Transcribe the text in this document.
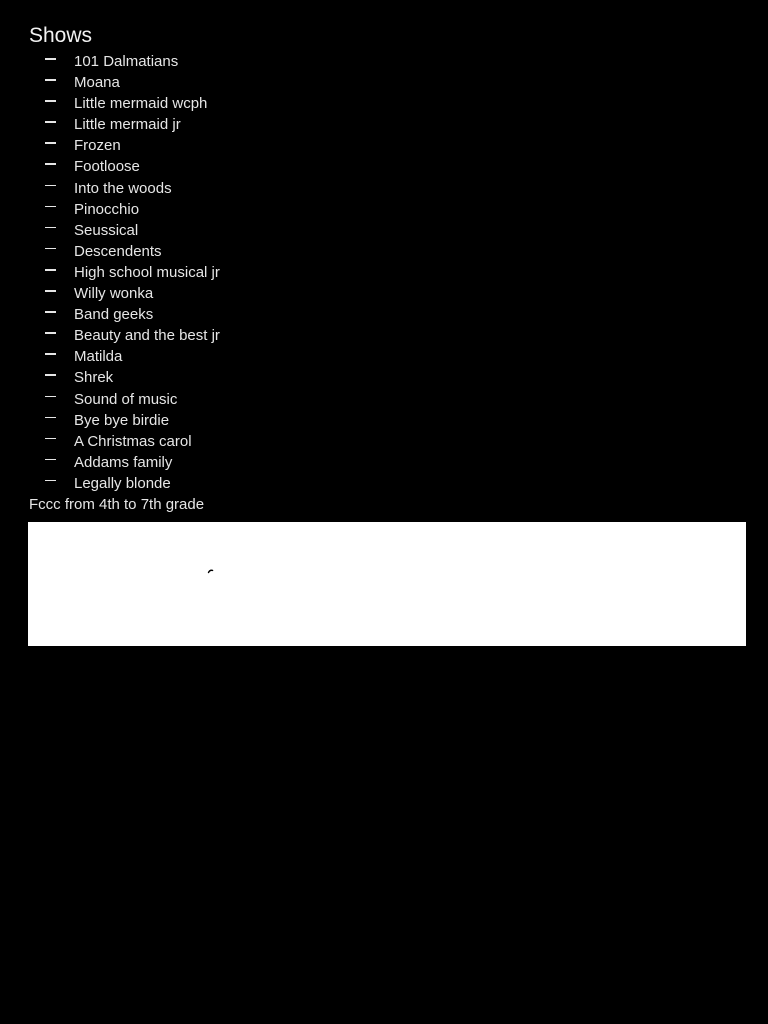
Shows
101 Dalmatians
Moana
Little mermaid wcph
Little mermaid jr
Frozen
Footloose
Into the woods
Pinocchio
Seussical
Descendents
High school musical jr
Willy wonka
Band geeks
Beauty and the best jr
Matilda
Shrek
Sound of music
Bye bye birdie
A Christmas carol
Addams family
Legally blonde
Fccc from 4th to 7th grade
